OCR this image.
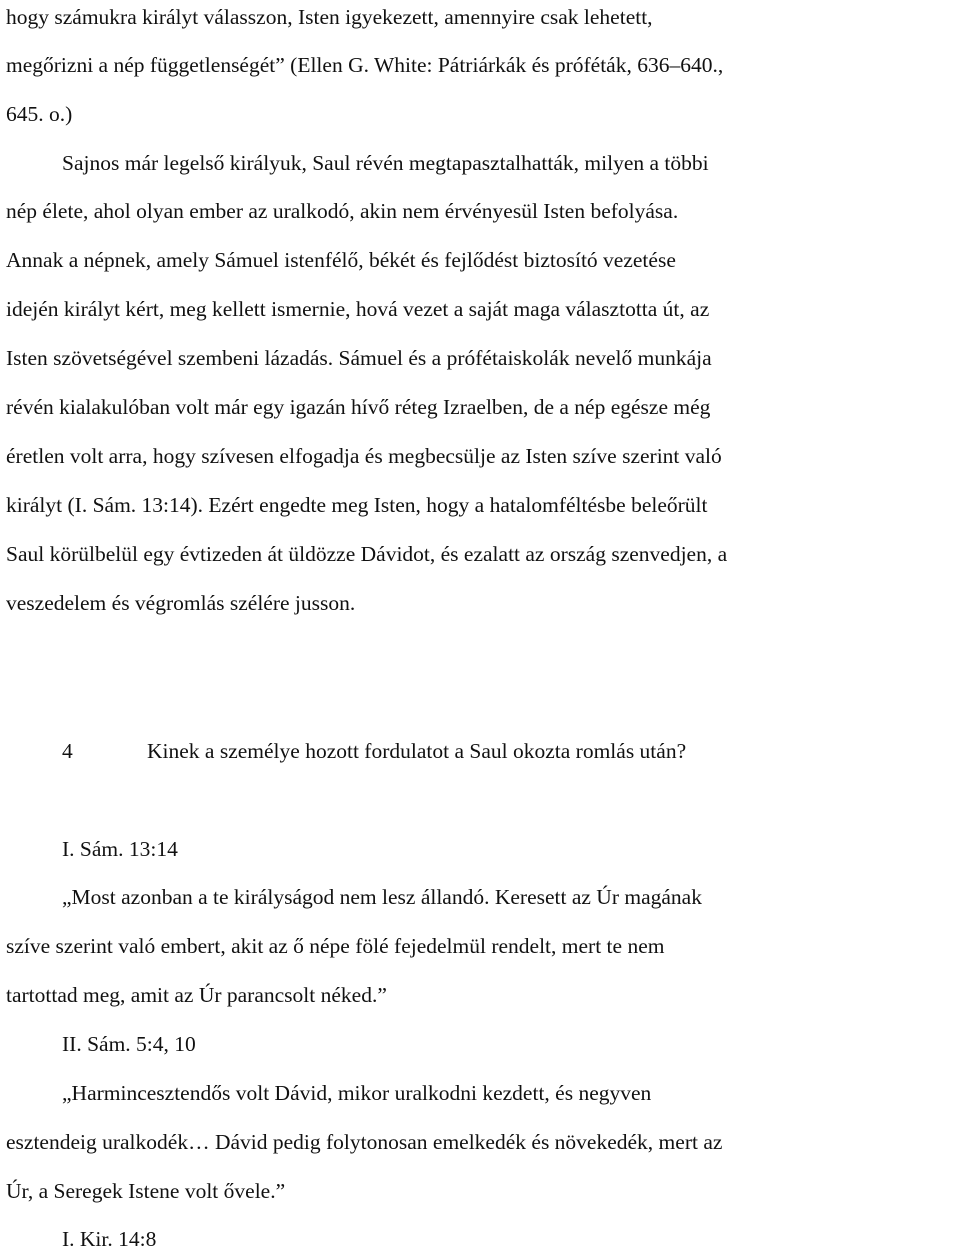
hogy számukra királyt válasszon, Isten igyekezett, amennyire csak lehetett,
megőrizni a nép függetlenségét” (Ellen G. White: Pátriárkák és próféták, 636–640.,
645. o.)
Sajnos már legelső királyuk, Saul révén megtapasztalhatták, milyen a többi
nép élete, ahol olyan ember az uralkodó, akin nem érvényesül Isten befolyása.
Annak a népnek, amely Sámuel istenfélő, békét és fejlődést biztosító vezetése
idején királyt kért, meg kellett ismernie, hová vezet a saját maga választotta út, az
Isten szövetségével szembeni lázadás. Sámuel és a prófétaiskolák nevelő munkája
révén kialakulóban volt már egy igazán hívő réteg Izraelben, de a nép egésze még
éretlen volt arra, hogy szívesen elfogadja és megbecsülje az Isten szíve szerint való
királyt (I. Sám. 13:14). Ezért engedte meg Isten, hogy a hatalomféltésbe beleőrült
Saul körülbelül egy évtizeden át üldözze Dávidot, és ezalatt az ország szenvedjen, a
veszedelem és végromlás szélére jusson.
4	Kinek a személye hozott fordulatot a Saul okozta romlás után?
I. Sám. 13:14
„Most azonban a te királyságod nem lesz állandó. Keresett az Úr magának
szíve szerint való embert, akit az ő népe fölé fejedelmül rendelt, mert te nem
tartottad meg, amit az Úr parancsolt néked.”
II. Sám. 5:4, 10
„Harmincesztendős volt Dávid, mikor uralkodni kezdett, és negyven
esztendeig uralkodék… Dávid pedig folytonosan emelkedék és növekedék, mert az
Úr, a Seregek Istene volt ővele.”
I. Kir. 14:8
